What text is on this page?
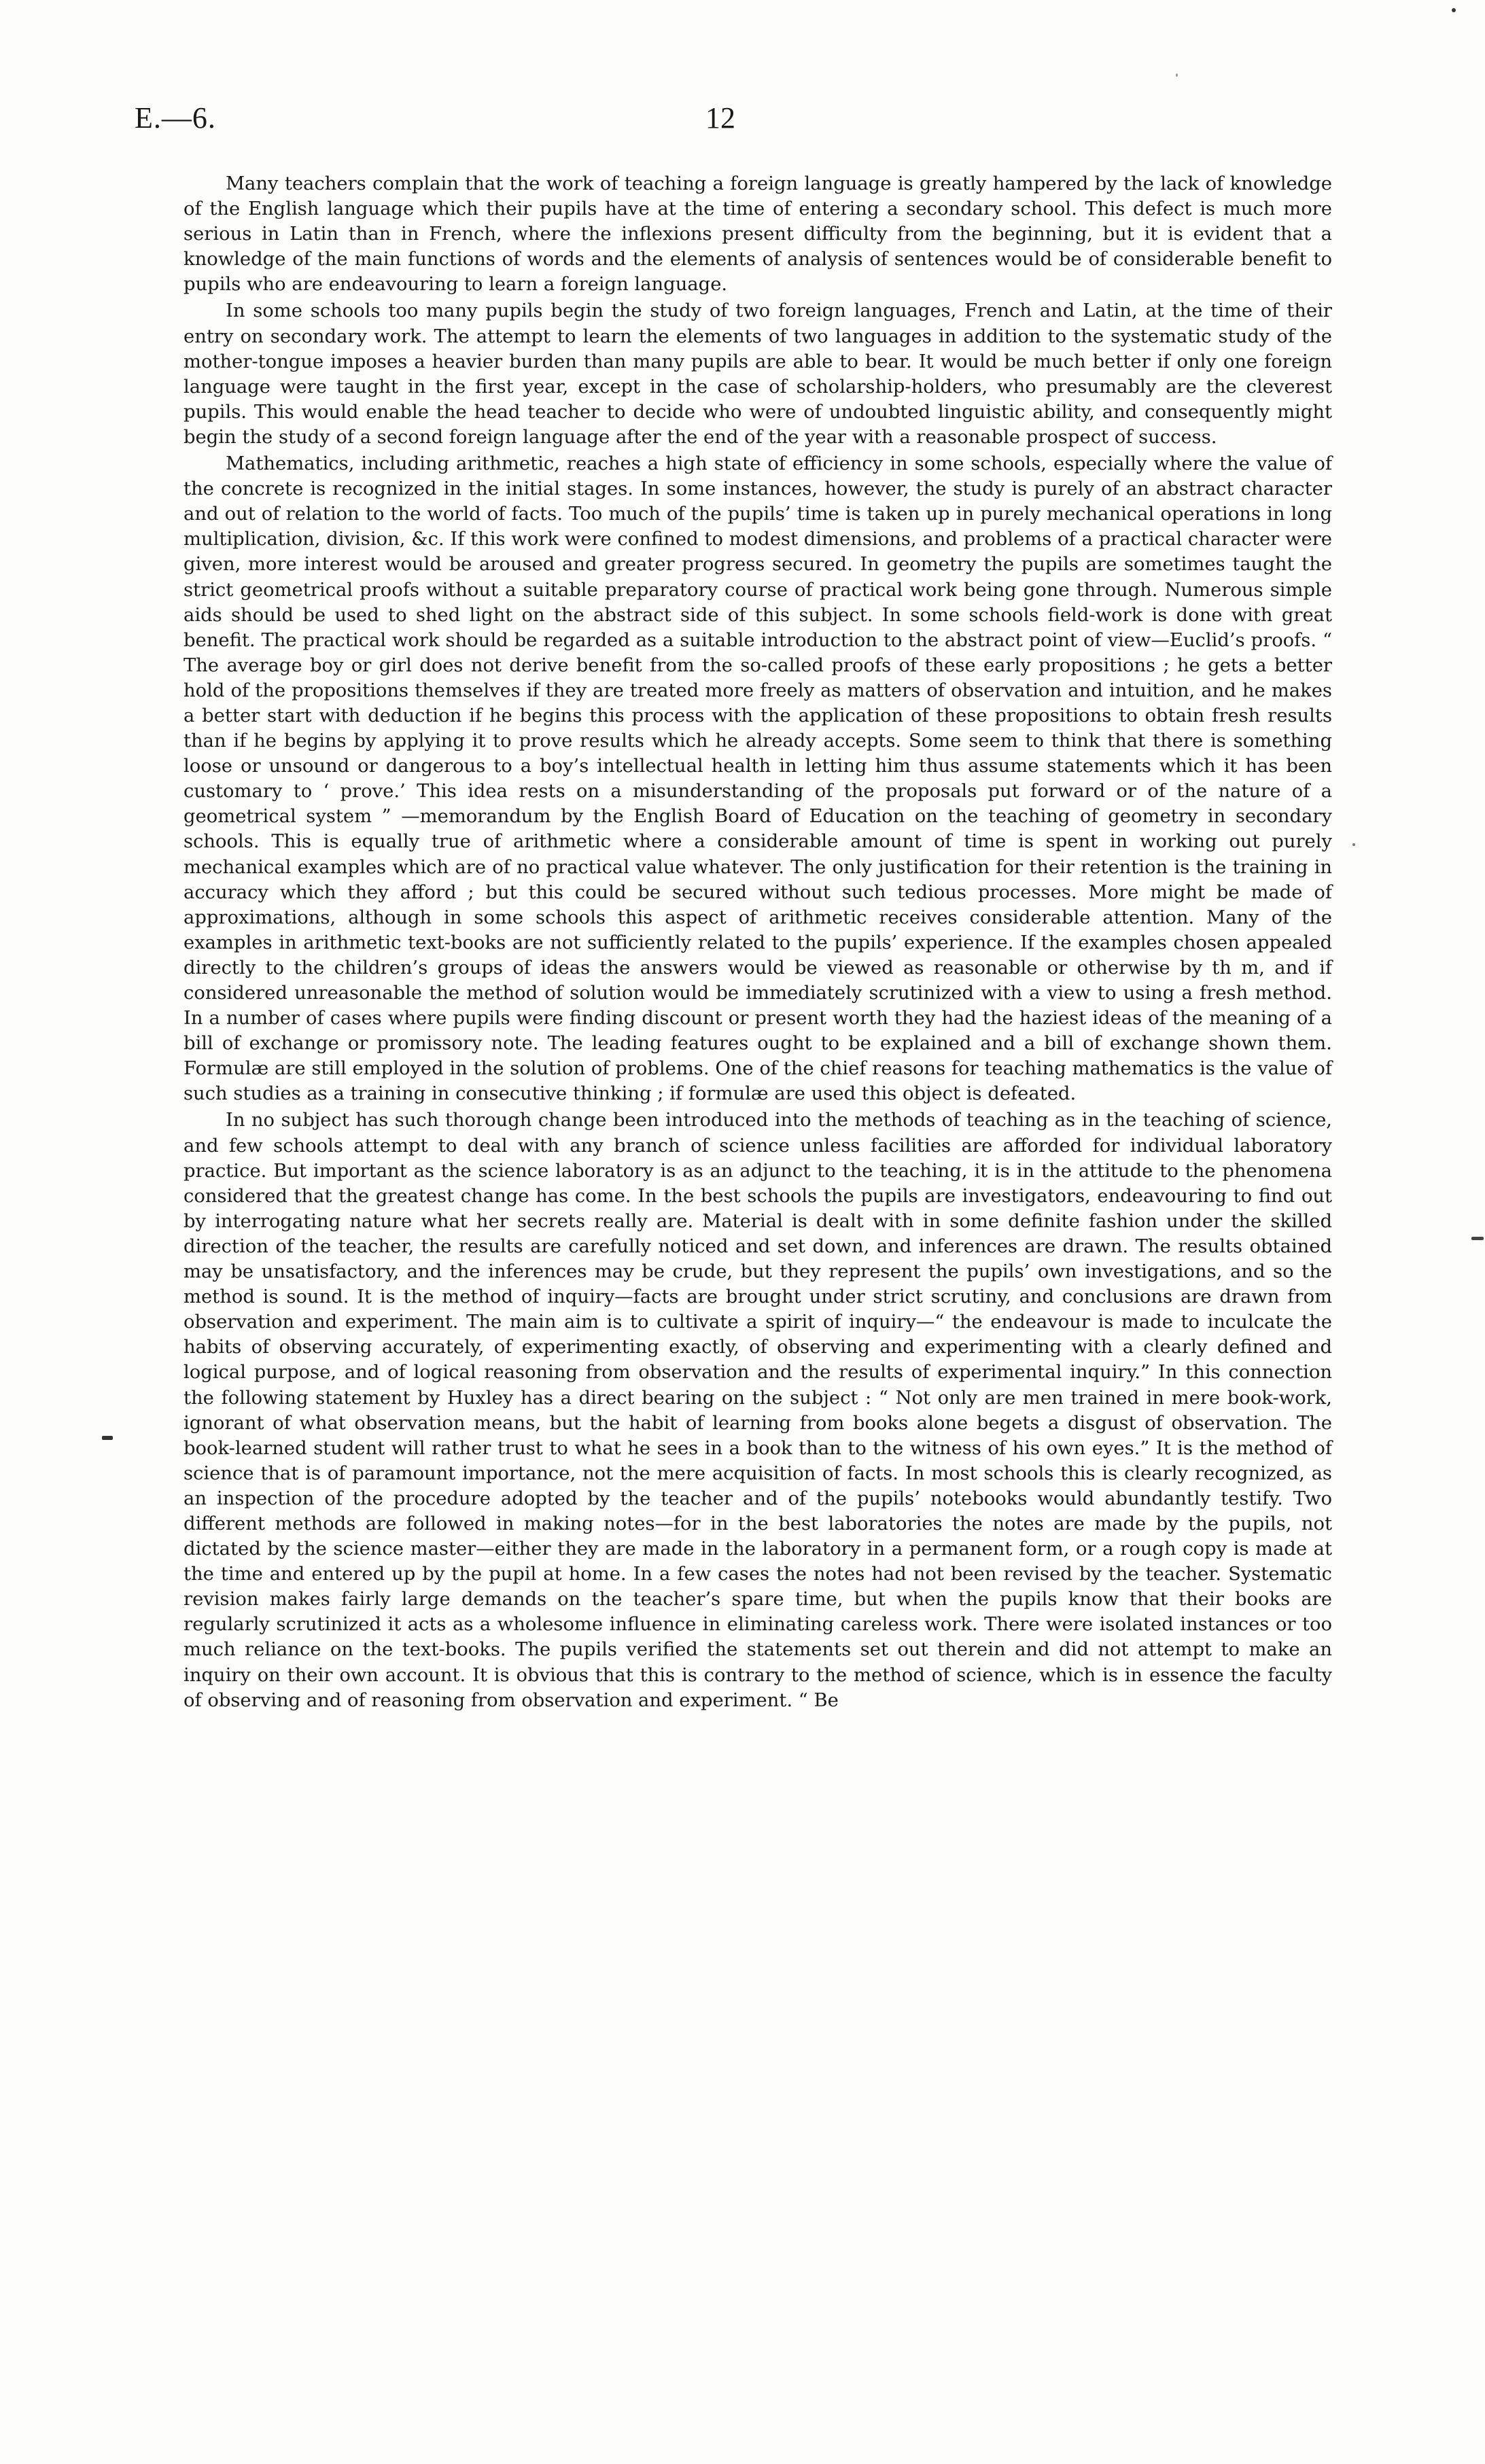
E.—6.	12

Many teachers complain that the work of teaching a foreign language is greatly hampered by the lack of knowledge of the English language which their pupils have at the time of entering a secondary school. This defect is much more serious in Latin than in French, where the inflexions present difficulty from the beginning, but it is evident that a knowledge of the main functions of words and the elements of analysis of sentences would be of considerable benefit to pupils who are endeavouring to learn a foreign language.

In some schools too many pupils begin the study of two foreign languages, French and Latin, at the time of their entry on secondary work. The attempt to learn the elements of two languages in addition to the systematic study of the mother-tongue imposes a heavier burden than many pupils are able to bear. It would be much better if only one foreign language were taught in the first year, except in the case of scholarship-holders, who presumably are the cleverest pupils. This would enable the head teacher to decide who were of undoubted linguistic ability, and consequently might begin the study of a second foreign language after the end of the year with a reasonable prospect of success.

Mathematics, including arithmetic, reaches a high state of efficiency in some schools, especially where the value of the concrete is recognized in the initial stages. In some instances, however, the study is purely of an abstract character and out of relation to the world of facts. Too much of the pupils’ time is taken up in purely mechanical operations in long multiplication, division, &c. If this work were confined to modest dimensions, and problems of a practical character were given, more interest would be aroused and greater progress secured. In geometry the pupils are sometimes taught the strict geometrical proofs without a suitable preparatory course of practical work being gone through. Numerous simple aids should be used to shed light on the abstract side of this subject. In some schools field-work is done with great benefit. The practical work should be regarded as a suitable introduction to the abstract point of view—Euclid’s proofs. “ The average boy or girl does not derive benefit from the so-called proofs of these early propositions ; he gets a better hold of the propositions themselves if they are treated more freely as matters of observation and intuition, and he makes a better start with deduction if he begins this process with the application of these propositions to obtain fresh results than if he begins by applying it to prove results which he already accepts. Some seem to think that there is something loose or unsound or dangerous to a boy’s intellectual health in letting him thus assume statements which it has been customary to ‘ prove.’ This idea rests on a misunderstanding of the proposals put forward or of the nature of a geometrical system ” —memorandum by the English Board of Education on the teaching of geometry in secondary schools. This is equally true of arithmetic where a considerable amount of time is spent in working out purely mechanical examples which are of no practical value whatever. The only justification for their retention is the training in accuracy which they afford ; but this could be secured without such tedious processes. More might be made of approximations, although in some schools this aspect of arithmetic receives considerable attention. Many of the examples in arithmetic text-books are not sufficiently related to the pupils’ experience. If the examples chosen appealed directly to the children’s groups of ideas the answers would be viewed as reasonable or otherwise by th m, and if considered unreasonable the method of solution would be immediately scrutinized with a view to using a fresh method. In a number of cases where pupils were finding discount or present worth they had the haziest ideas of the meaning of a bill of exchange or promissory note. The leading features ought to be explained and a bill of exchange shown them. Formulæ are still employed in the solution of problems. One of the chief reasons for teaching mathematics is the value of such studies as a training in consecutive thinking ; if formulæ are used this object is defeated.

In no subject has such thorough change been introduced into the methods of teaching as in the teaching of science, and few schools attempt to deal with any branch of science unless facilities are afforded for individual laboratory practice. But important as the science laboratory is as an adjunct to the teaching, it is in the attitude to the phenomena considered that the greatest change has come. In the best schools the pupils are investigators, endeavouring to find out by interrogating nature what her secrets really are. Material is dealt with in some definite fashion under the skilled direction of the teacher, the results are carefully noticed and set down, and inferences are drawn. The results obtained may be unsatisfactory, and the inferences may be crude, but they represent the pupils’ own investigations, and so the method is sound. It is the method of inquiry—facts are brought under strict scrutiny, and conclusions are drawn from observation and experiment. The main aim is to cultivate a spirit of inquiry—“ the endeavour is made to inculcate the habits of observing accurately, of experimenting exactly, of observing and experimenting with a clearly defined and logical purpose, and of logical reasoning from observation and the results of experimental inquiry.” In this connection the following statement by Huxley has a direct bearing on the subject : “ Not only are men trained in mere book-work, ignorant of what observation means, but the habit of learning from books alone begets a disgust of observation. The book-learned student will rather trust to what he sees in a book than to the witness of his own eyes.” It is the method of science that is of paramount importance, not the mere acquisition of facts. In most schools this is clearly recognized, as an inspection of the procedure adopted by the teacher and of the pupils’ notebooks would abundantly testify. Two different methods are followed in making notes—for in the best laboratories the notes are made by the pupils, not dictated by the science master—either they are made in the laboratory in a permanent form, or a rough copy is made at the time and entered up by the pupil at home. In a few cases the notes had not been revised by the teacher. Systematic revision makes fairly large demands on the teacher’s spare time, but when the pupils know that their books are regularly scrutinized it acts as a wholesome influence in eliminating careless work. There were isolated instances or too much reliance on the text-books. The pupils verified the statements set out therein and did not attempt to make an inquiry on their own account. It is obvious that this is contrary to the method of science, which is in essence the faculty of observing and of reasoning from observation and experiment. “ Be
